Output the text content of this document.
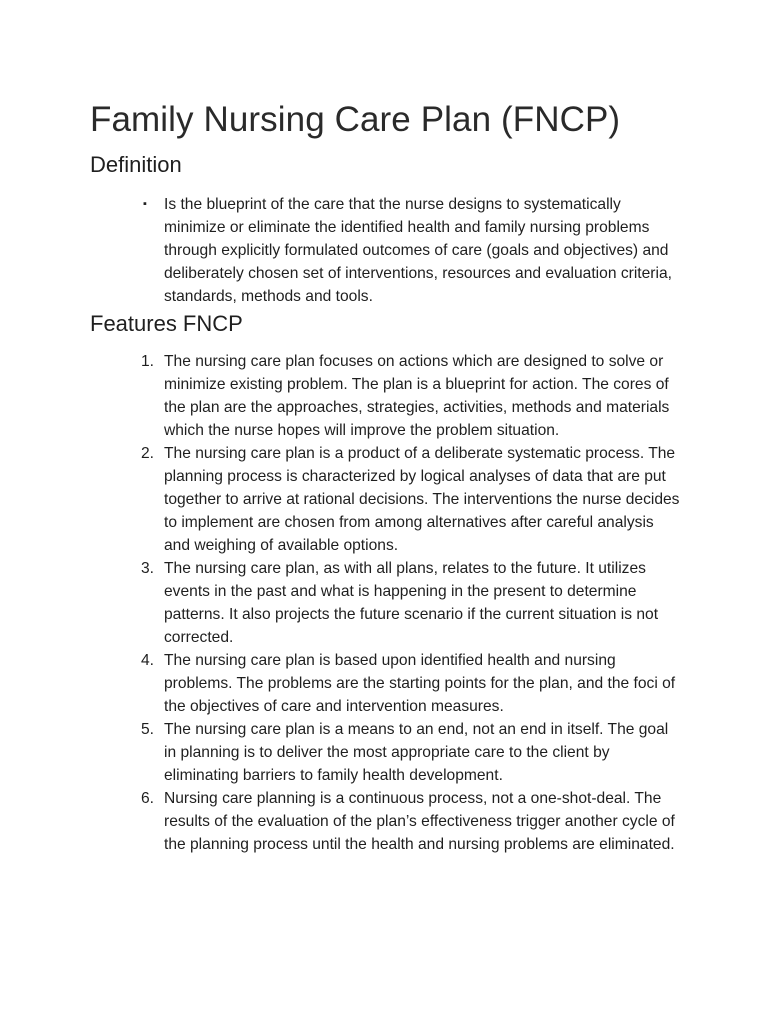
Family Nursing Care Plan (FNCP)
Definition
▪ Is the blueprint of the care that the nurse designs to systematically minimize or eliminate the identified health and family nursing problems through explicitly formulated outcomes of care (goals and objectives) and deliberately chosen set of interventions, resources and evaluation criteria, standards, methods and tools.
Features FNCP
1. The nursing care plan focuses on actions which are designed to solve or minimize existing problem. The plan is a blueprint for action. The cores of the plan are the approaches, strategies, activities, methods and materials which the nurse hopes will improve the problem situation.
2. The nursing care plan is a product of a deliberate systematic process. The planning process is characterized by logical analyses of data that are put together to arrive at rational decisions. The interventions the nurse decides to implement are chosen from among alternatives after careful analysis and weighing of available options.
3. The nursing care plan, as with all plans, relates to the future. It utilizes events in the past and what is happening in the present to determine patterns. It also projects the future scenario if the current situation is not corrected.
4. The nursing care plan is based upon identified health and nursing problems. The problems are the starting points for the plan, and the foci of the objectives of care and intervention measures.
5. The nursing care plan is a means to an end, not an end in itself. The goal in planning is to deliver the most appropriate care to the client by eliminating barriers to family health development.
6. Nursing care planning is a continuous process, not a one-shot-deal. The results of the evaluation of the plan’s effectiveness trigger another cycle of the planning process until the health and nursing problems are eliminated.
